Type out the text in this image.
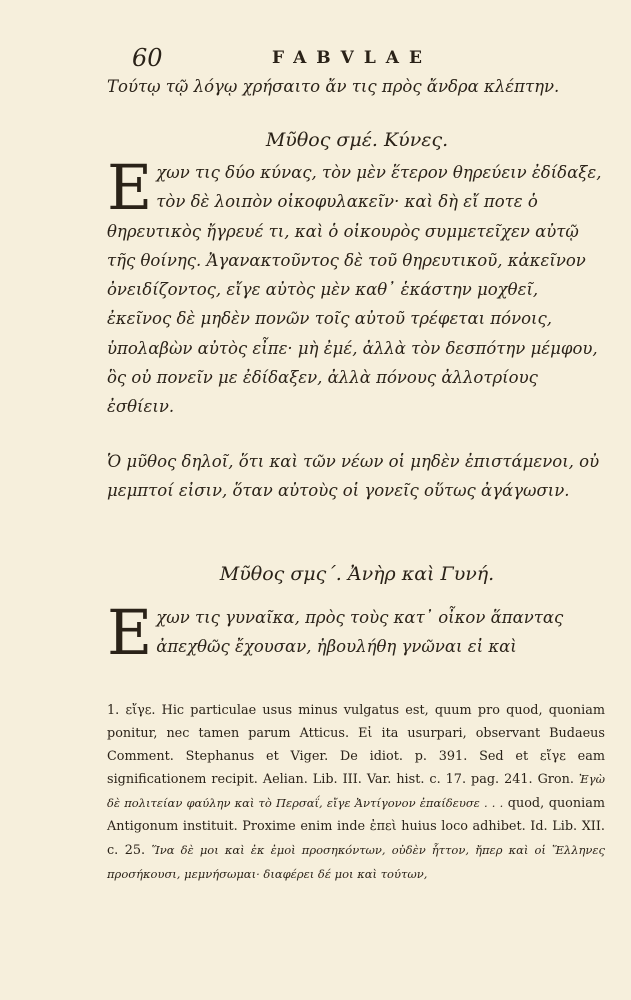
60	FABVLAE
Τούτῳ τῷ λόγῳ χρήσαιτο ἄν τις πρὸς ἄνδρα κλέπτην.
Μῦθος σμέ. Κύνες.
Ε χων τις δύο κύνας, τὸν μὲν ἕτερον θηρεύειν ἐδίδαξε, τὸν δὲ λοιπὸν οἰκοφυλακεῖν· καὶ δὴ εἴ ποτε ὁ θηρευτικὸς ἤγρευέ τι, καὶ ὁ οἰκουρὸς συμμετεῖχεν αὐτῷ τῆς θοίνης. Ἀγανακτοῦντος δὲ τοῦ θηρευτικοῦ, κἀκεῖνον ὀνειδίζοντος, εἴγε αὐτὸς μὲν καθ᾽ ἑκάστην μοχθεῖ, ἐκεῖνος δὲ μηδὲν πονῶν τοῖς αὐτοῦ τρέφεται πόνοις, ὑπολαβὼν αὐτὸς εἶπε· μὴ ἐμέ, ἀλλὰ τὸν δεσπότην μέμφου, ὃς οὐ πονεῖν με ἐδίδαξεν, ἀλλὰ πόνους ἀλλοτρίους ἐσθίειν.
Ὁ μῦθος δηλοῖ, ὅτι καὶ τῶν νέων οἱ μηδὲν ἐπιστάμενοι, οὐ μεμπτοί εἰσιν, ὅταν αὐτοὺς οἱ γονεῖς οὕτως ἀγάγωσιν.
Μῦθος σμς΄. Ἀνὴρ καὶ Γυνή.
Ε χων τις γυναῖκα, πρὸς τοὺς κατ᾽ οἶκον ἅπαντας ἀπεχθῶς ἔχουσαν, ἠβουλήθη γνῶναι εἰ καὶ
1. εἴγε. Hic particulae usus minus vulgatus est, quum pro quod, quoniam ponitur, nec tamen parum Atticus. Εἰ ita usurpari, observant Budaeus Comment. Stephanus et Viger. De idiot. p. 391. Sed et εἴγε eam significationem recipit. Aelian. Lib. III. Var. hist. c. 17. pag. 241. Gron. Ἐγὼ δὲ πολιτείαν φαύλην καὶ τὸ Περσαΐ, εἴγε Ἀντίγονον ἐπαίδευσε . . . quod, quoniam Antigonum instituit. Proxime enim inde ἐπεὶ huius loco adhibet. Id. Lib. XII. c. 25. Ἵνα δὲ μοι καὶ ἐκ ἐμοὶ προσηκόντων, οὐδὲν ἧττον, ἤπερ καὶ οἱ Ἕλληνες προσήκουσι, μεμνήσωμαι· διαφέρει δέ μοι καὶ τούτων,
